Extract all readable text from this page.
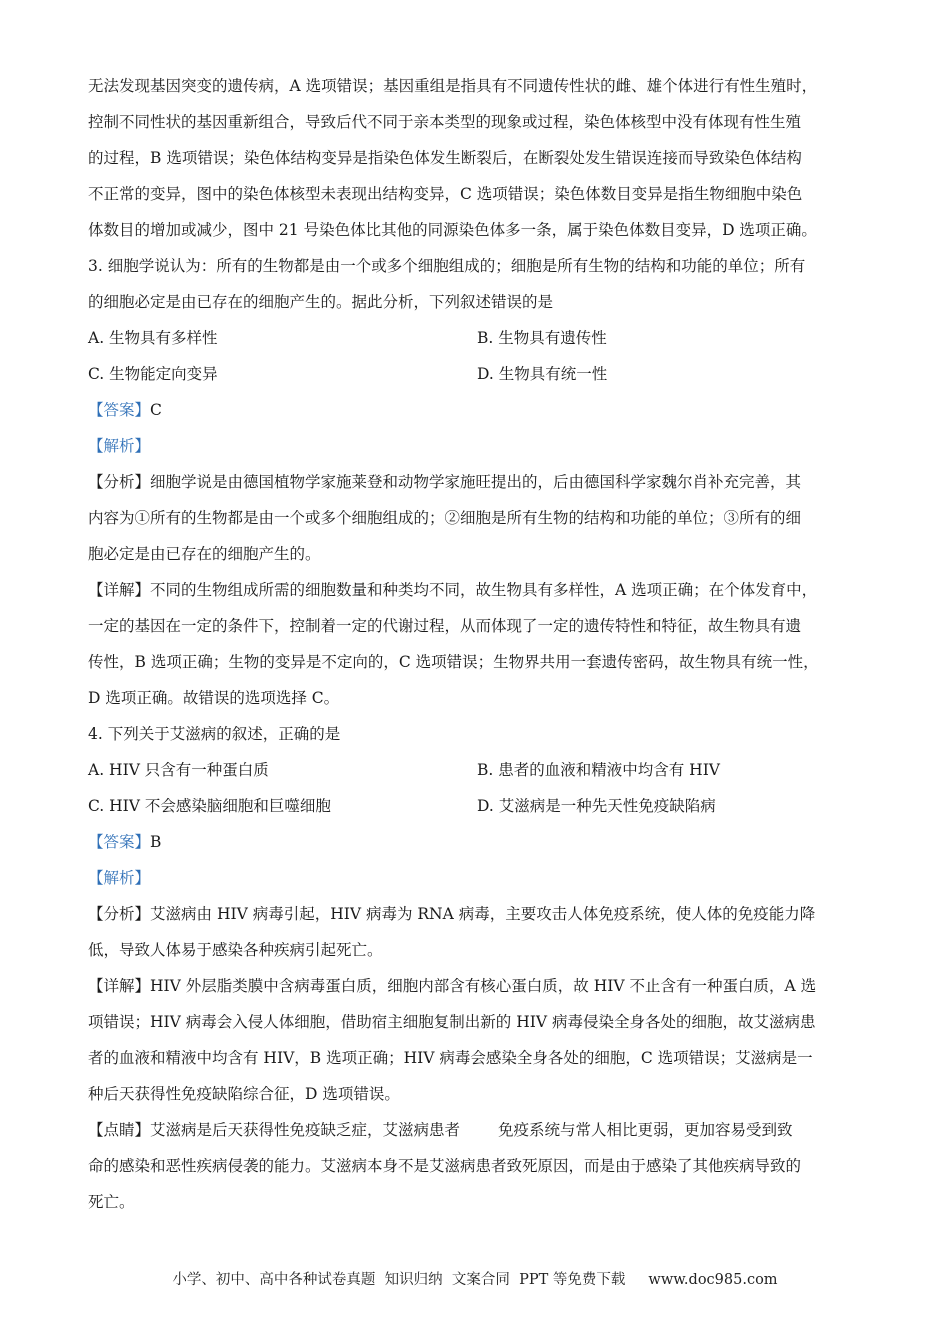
无法发现基因突变的遗传病，A 选项错误；基因重组是指具有不同遗传性状的雌、雄个体进行有性生殖时，

控制不同性状的基因重新组合，导致后代不同于亲本类型的现象或过程，染色体核型中没有体现有性生殖

的过程，B 选项错误；染色体结构变异是指染色体发生断裂后，在断裂处发生错误连接而导致染色体结构

不正常的变异，图中的染色体核型未表现出结构变异，C 选项错误；染色体数目变异是指生物细胞中染色

体数目的增加或减少，图中 21 号染色体比其他的同源染色体多一条，属于染色体数目变异，D 选项正确。

3. 细胞学说认为：所有的生物都是由一个或多个细胞组成的；细胞是所有生物的结构和功能的单位；所有

的细胞必定是由已存在的细胞产生的。据此分析，下列叙述错误的是

A. 生物具有多样性	B. 生物具有遗传性

C. 生物能定向变异	D. 生物具有统一性

【答案】C

【解析】

【分析】细胞学说是由德国植物学家施莱登和动物学家施旺提出的，后由德国科学家魏尔肖补充完善，其

内容为①所有的生物都是由一个或多个细胞组成的；②细胞是所有生物的结构和功能的单位；③所有的细

胞必定是由已存在的细胞产生的。

【详解】不同的生物组成所需的细胞数量和种类均不同，故生物具有多样性，A 选项正确；在个体发育中，

一定的基因在一定的条件下，控制着一定的代谢过程，从而体现了一定的遗传特性和特征，故生物具有遗

传性，B 选项正确；生物的变异是不定向的，C 选项错误；生物界共用一套遗传密码，故生物具有统一性，

D 选项正确。故错误的选项选择 C。

4. 下列关于艾滋病的叙述，正确的是

A. HIV 只含有一种蛋白质	B. 患者的血液和精液中均含有 HIV

C. HIV 不会感染脑细胞和巨噬细胞	D. 艾滋病是一种先天性免疫缺陷病

【答案】B

【解析】

【分析】艾滋病由 HIV 病毒引起，HIV 病毒为 RNA 病毒，主要攻击人体免疫系统，使人体的免疫能力降

低，导致人体易于感染各种疾病引起死亡。

【详解】HIV 外层脂类膜中含病毒蛋白质，细胞内部含有核心蛋白质，故 HIV 不止含有一种蛋白质，A 选

项错误；HIV 病毒会入侵人体细胞，借助宿主细胞复制出新的 HIV 病毒侵染全身各处的细胞，故艾滋病患

者的血液和精液中均含有 HIV，B 选项正确；HIV 病毒会感染全身各处的细胞，C 选项错误；艾滋病是一

种后天获得性免疫缺陷综合征，D 选项错误。

【点睛】艾滋病是后天获得性免疫缺乏症，艾滋病患者 免疫系统与常人相比更弱，更加容易受到致

命的感染和恶性疾病侵袭的能力。艾滋病本身不是艾滋病患者致死原因，而是由于感染了其他疾病导致的

死亡。

小学、初中、高中各种试卷真题  知识归纳  文案合同  PPT 等免费下载     www.doc985.com
